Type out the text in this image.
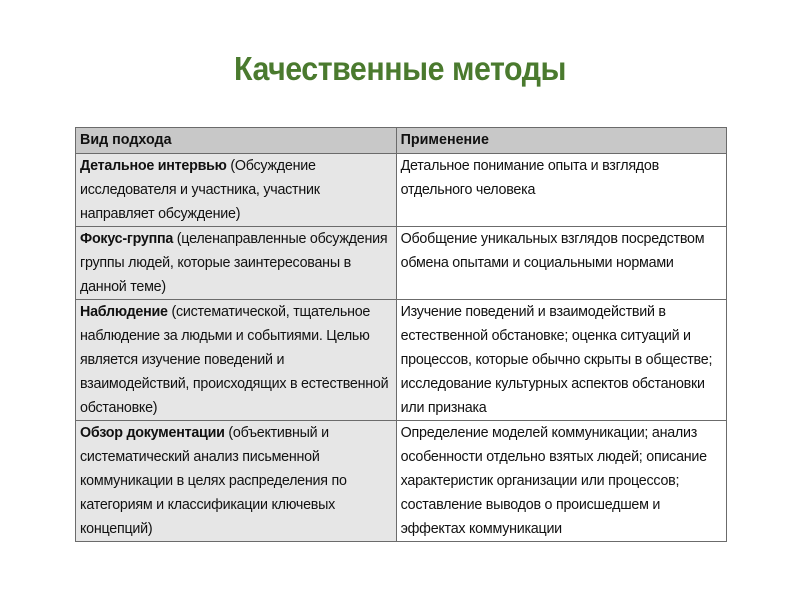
Качественные методы
Вид подхода	Применение

Детальное интервью (Обсуждение исследователя и участника, участник направляет обсуждение)	Детальное понимание опыта и взглядов отдельного человека

Фокус-группа (целенаправленные обсуждения группы людей, которые заинтересованы в данной теме)	Обобщение уникальных взглядов посредством обмена опытами и социальными нормами

Наблюдение (систематической, тщательное наблюдение за людьми и событиями. Целью является изучение поведений и взаимодействий, происходящих в естественной обстановке)	Изучение поведений и взаимодействий в естественной обстановке; оценка ситуаций и процессов, которые обычно скрыты в обществе; исследование культурных аспектов обстановки или признака

Обзор документации (объективный и систематический анализ письменной коммуникации в целях распределения по категориям и классификации ключевых концепций)	Определение моделей коммуникации; анализ особенности отдельно взятых людей; описание характеристик организации или процессов; составление выводов о происшедшем и эффектах коммуникации
